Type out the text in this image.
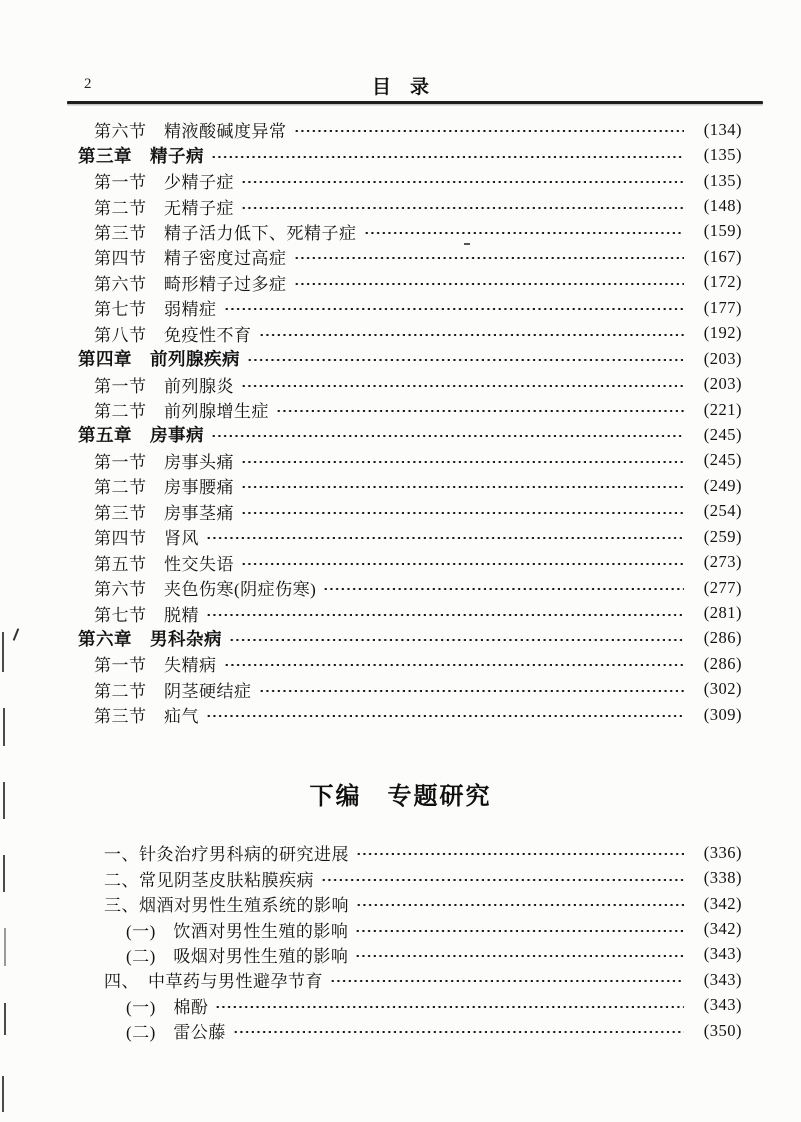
2	目　录
第六节　精液酸碱度异常	(134)
第三章　精子病	(135)
第一节　少精子症	(135)
第二节　无精子症	(148)
第三节　精子活力低下、死精子症	(159)
第四节　精子密度过高症	(167)
第六节　畸形精子过多症	(172)
第七节　弱精症	(177)
第八节　免疫性不育	(192)
第四章　前列腺疾病	(203)
第一节　前列腺炎	(203)
第二节　前列腺增生症	(221)
第五章　房事病	(245)
第一节　房事头痛	(245)
第二节　房事腰痛	(249)
第三节　房事茎痛	(254)
第四节　肾风	(259)
第五节　性交失语	(273)
第六节　夹色伤寒(阴症伤寒)	(277)
第七节　脱精	(281)
第六章　男科杂病	(286)
第一节　失精病	(286)
第二节　阴茎硬结症	(302)
第三节　疝气	(309)
下编　专题研究
一、针灸治疗男科病的研究进展	(336)
二、常见阴茎皮肤粘膜疾病	(338)
三、烟酒对男性生殖系统的影响	(342)
(一)　饮酒对男性生殖的影响	(342)
(二)　吸烟对男性生殖的影响	(343)
四、　中草药与男性避孕节育	(343)
(一)　棉酚	(343)
(二)　雷公藤	(350)
